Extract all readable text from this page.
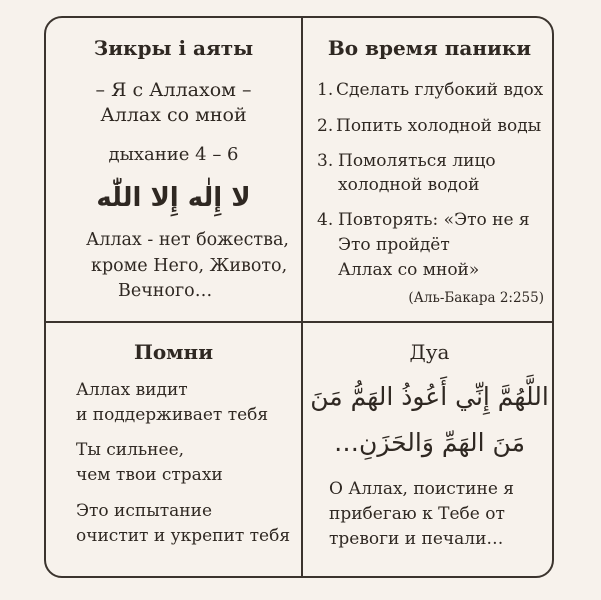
Зикры і аяты
– Я с Аллахом –
Аллах со мной
дыхание 4 – 6
لا إِلٰه إِلا اللّٰه
Аллах - нет божества,
кроме Него, Живото,
Вечного…
Во время паники
1. Сделать глубокий вдох
2. Попить холодной воды
3. Помоляться лицо
холодной водой
4. Повторять: «Это не я
Это пройдёт
Аллах со мной»
(Аль-Бакара 2:255)
Помни
Аллах видит
и поддерживает тебя
Ты сильнее,
чем твои страхи
Это испытание
очистит и укрепит тебя
Дуа
اللَّهُمَّ إِنِّي أَعُوذُ الهَمُّ مَنَ
مَنَ الهَمِّ وَالحَزَنِ…
О Аллах, поистине я
прибегаю к Тебе от
тревоги и печали…
